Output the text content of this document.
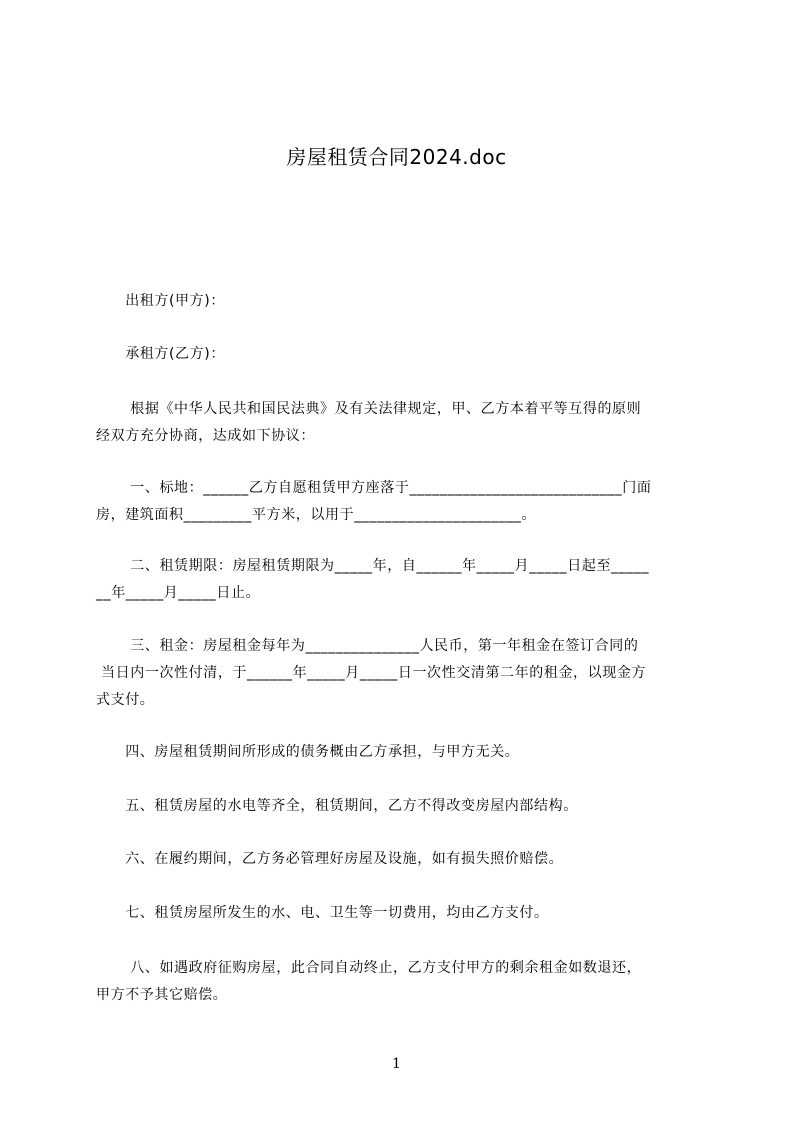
房屋租赁合同2024.doc
　　出租方(甲方)：
　　承租方(乙方)：
　　 根据《中华人民共和国民法典》及有关法律规定，甲、乙方本着平等互得的原则
经双方充分协商，达成如下协议：
　　 一、标地：______乙方自愿租赁甲方座落于____________________________门面
房，建筑面积_________平方米，以用于______________________。
　　 二、租赁期限：房屋租赁期限为_____年，自______年_____月_____日起至_____
__年_____月_____日止。
　　 三、租金：房屋租金每年为_______________人民币，第一年租金在签订合同的
当日内一次性付清，于______年_____月_____日一次性交清第二年的租金，以现金方
式支付。
　　四、房屋租赁期间所形成的债务概由乙方承担，与甲方无关。
　　五、租赁房屋的水电等齐全，租赁期间，乙方不得改变房屋内部结构。
　　六、在履约期间，乙方务必管理好房屋及设施，如有损失照价赔偿。
　　七、租赁房屋所发生的水、电、卫生等一切费用，均由乙方支付。
　　 八、如遇政府征购房屋，此合同自动终止，乙方支付甲方的剩余租金如数退还，
甲方不予其它赔偿。
1
